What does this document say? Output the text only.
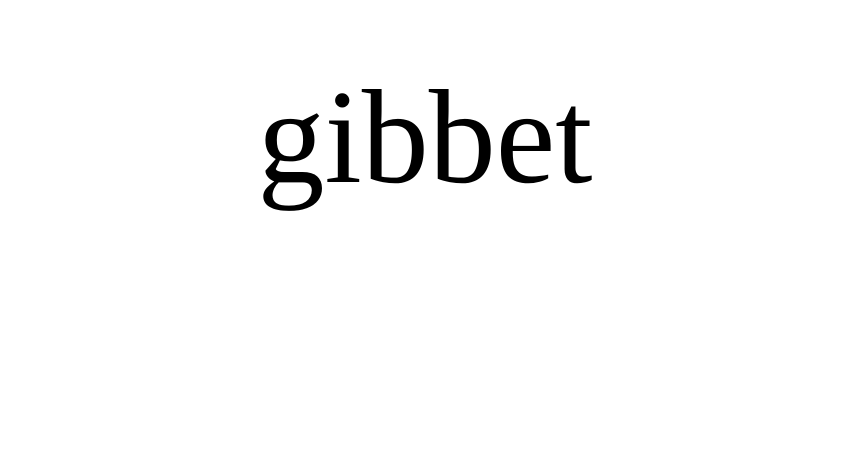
gibbet
